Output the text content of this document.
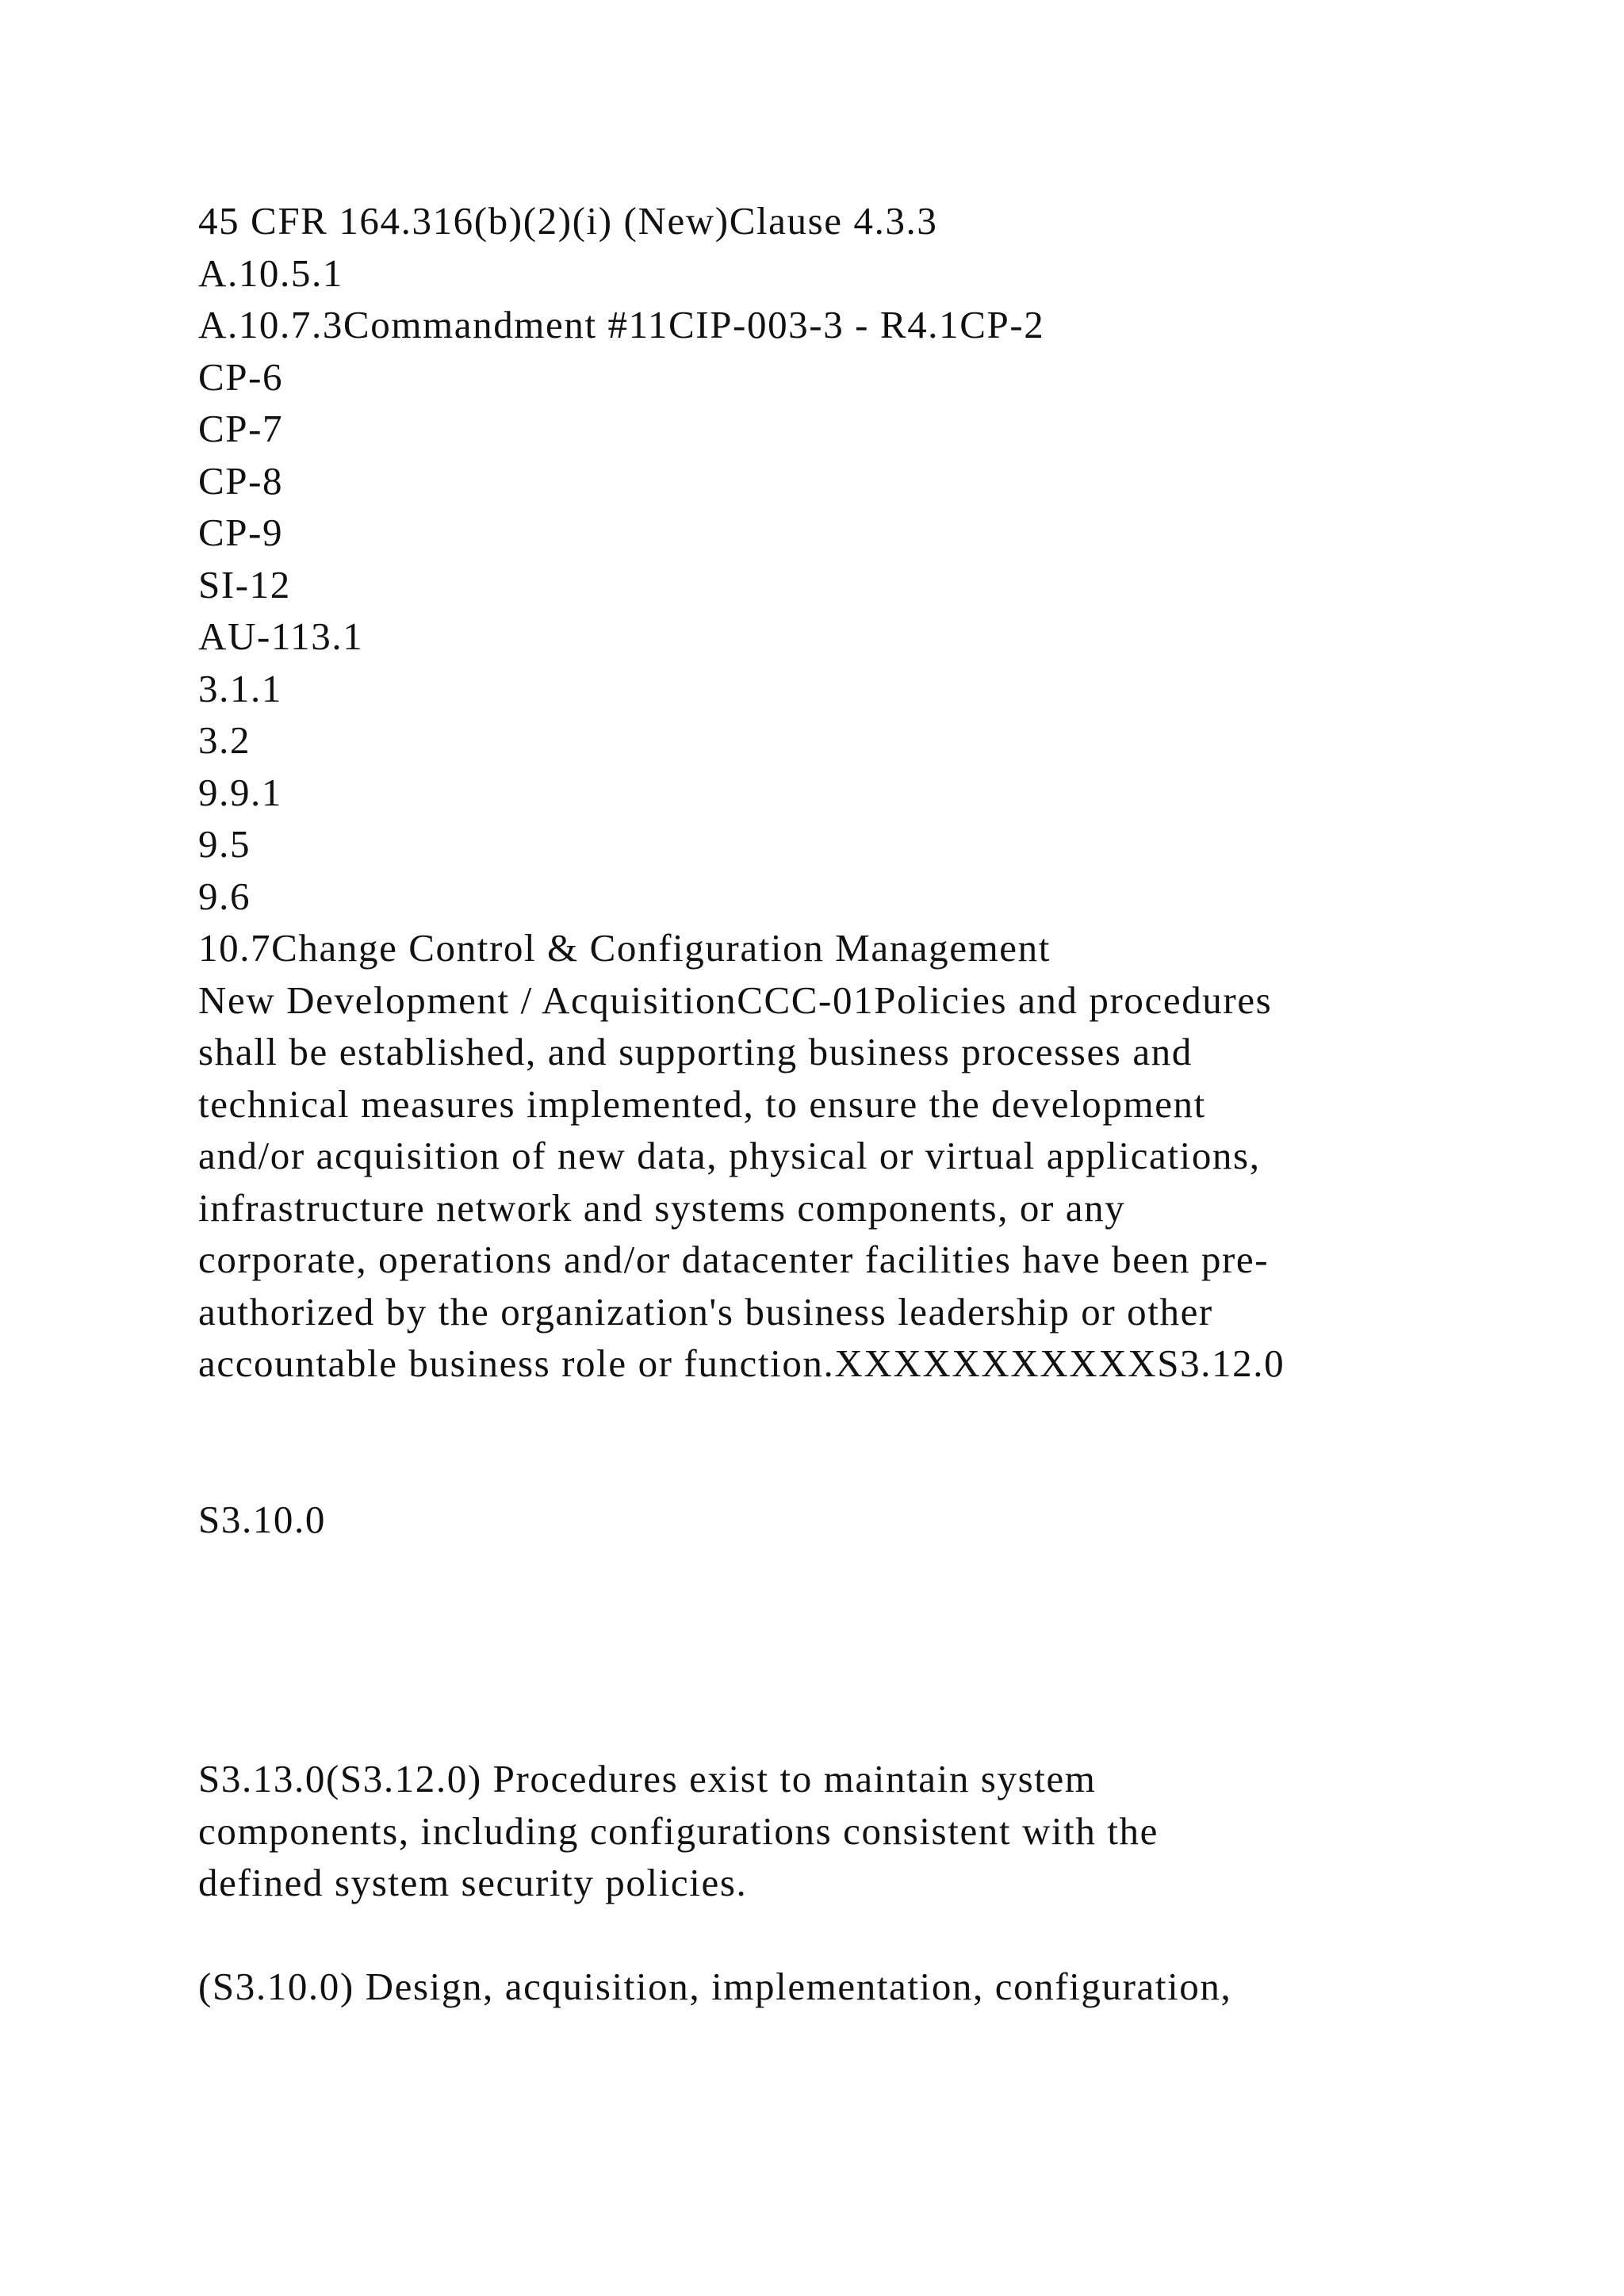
45 CFR 164.316(b)(2)(i) (New)Clause 4.3.3
A.10.5.1
A.10.7.3Commandment #11CIP-003-3 - R4.1CP-2
CP-6
CP-7
CP-8
CP-9
SI-12
AU-113.1
3.1.1
3.2
9.9.1
9.5
9.6
10.7Change Control & Configuration Management
New Development / AcquisitionCCC-01Policies and procedures
shall be established, and supporting business processes and
technical measures implemented, to ensure the development
and/or acquisition of new data, physical or virtual applications,
infrastructure network and systems components, or any
corporate, operations and/or datacenter facilities have been pre-
authorized by the organization's business leadership or other
accountable business role or function.XXXXXXXXXXXS3.12.0
S3.10.0
S3.13.0(S3.12.0) Procedures exist to maintain system
components, including configurations consistent with the
defined system security policies.
(S3.10.0) Design, acquisition, implementation, configuration,
